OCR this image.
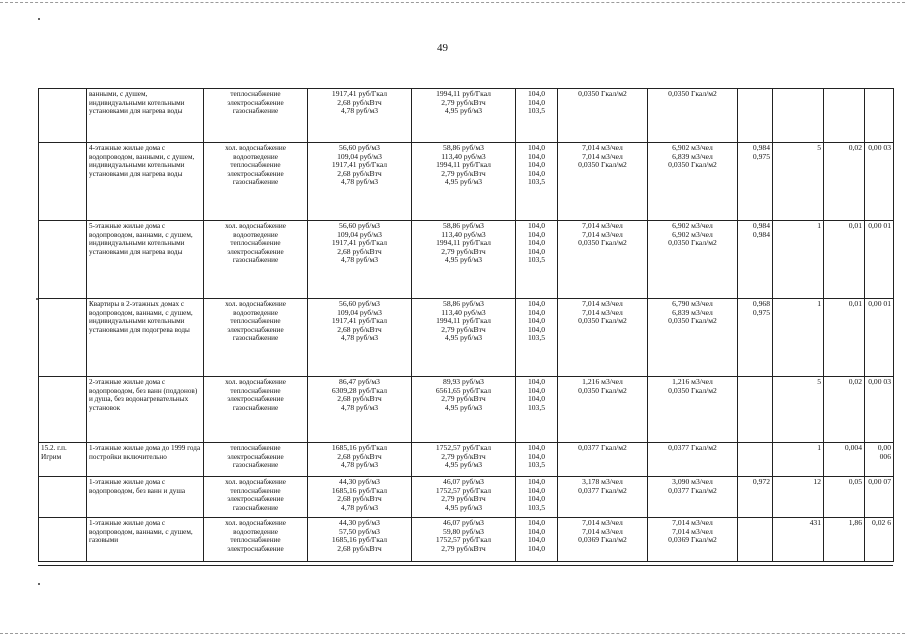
49
	ванными, с душем, индивидуальными котельными установками для нагрева воды	теплоснабжение
электроснабжение
газоснабжение	1917,41 руб/Гкал
2,68 руб/кВтч
4,78 руб/м3	1994,11 руб/Гкал
2,79 руб/кВтч
4,95 руб/м3	104,0
104,0
103,5	0,0350 Гкал/м2	0,0350 Гкал/м2				

	4-этажные жилые дома с водопроводом, ванными, с душем, индивидуальными котельными установками для нагрева воды	хол. водоснабжение
водоотведение
теплоснабжение
электроснабжение
газоснабжение	56,60 руб/м3
109,04 руб/м3
1917,41 руб/Гкал
2,68 руб/кВтч
4,78 руб/м3	58,86 руб/м3
113,40 руб/м3
1994,11 руб/Гкал
2,79 руб/кВтч
4,95 руб/м3	104,0
104,0
104,0
104,0
103,5	7,014 м3/чел
7,014 м3/чел
0,0350 Гкал/м2	6,902 м3/чел
6,839 м3/чел
0,0350 Гкал/м2	0,984
0,975	5	0,02	0,00 03
	5-этажные жилые дома с водопроводом, ваннами, с душем, индивидуальными котельными установками для нагрева воды	хол. водоснабжение
водоотведение
теплоснабжение
электроснабжение
газоснабжение	56,60 руб/м3
109,04 руб/м3
1917,41 руб/Гкал
2,68 руб/кВтч
4,78 руб/м3	58,86 руб/м3
113,40 руб/м3
1994,11 руб/Гкал
2,79 руб/кВтч
4,95 руб/м3	104,0
104,0
104,0
104,0
103,5	7,014 м3/чел
7,014 м3/чел
0,0350 Гкал/м2	6,902 м3/чел
6,902 м3/чел
0,0350 Гкал/м2	0,984
0,984	1	0,01	0,00 01
	Квартиры в 2-этажных домах с водопроводом, ваннами, с душем, индивидуальными котельными установками для подогрева воды	хол. водоснабжение
водоотведение
теплоснабжение
электроснабжение
газоснабжение	56,60 руб/м3
109,04 руб/м3
1917,41 руб/Гкал
2,68 руб/кВтч
4,78 руб/м3	58,86 руб/м3
113,40 руб/м3
1994,11 руб/Гкал
2,79 руб/кВтч
4,95 руб/м3	104,0
104,0
104,0
104,0
103,5	7,014 м3/чел
7,014 м3/чел
0,0350 Гкал/м2	6,790 м3/чел
6,839 м3/чел
0,0350 Гкал/м2	0,968
0,975	1	0,01	0,00 01
	2-этажные жилые дома с водопроводом, без ванн (поддонов) и душа, без водонагревательных установок	хол. водоснабжение
теплоснабжение
электроснабжение
газоснабжение	86,47 руб/м3
6309,28 руб/Гкал
2,68 руб/кВтч
4,78 руб/м3	89,93 руб/м3
6561,65 руб/Гкал
2,79 руб/кВтч
4,95 руб/м3	104,0
104,0
104,0
103,5	1,216 м3/чел
0,0350 Гкал/м2	1,216 м3/чел
0,0350 Гкал/м2		5	0,02	0,00 03
15.2. г.п. Игрим	1-этажные жилые дома до 1999 года постройки включительно	теплоснабжение
электроснабжение
газоснабжение	1685,16 руб/Гкал
2,68 руб/кВтч
4,78 руб/м3	1752,57 руб/Гкал
2,79 руб/кВтч
4,95 руб/м3	104,0
104,0
103,5	0,0377 Гкал/м2	0,0377 Гкал/м2		1	0,004	0,00 006
	1-этажные жилые дома с водопроводом, без ванн и душа	хол. водоснабжение
теплоснабжение
электроснабжение
газоснабжение	44,30 руб/м3
1685,16 руб/Гкал
2,68 руб/кВтч
4,78 руб/м3	46,07 руб/м3
1752,57 руб/Гкал
2,79 руб/кВтч
4,95 руб/м3	104,0
104,0
104,0
103,5	3,178 м3/чел
0,0377 Гкал/м2	3,090 м3/чел
0,0377 Гкал/м2	0,972	12	0,05	0,00 07
	1-этажные жилые дома с водопроводом, ваннами, с душем, газовыми	хол. водоснабжение
водоотведение
теплоснабжение
электроснабжение	44,30 руб/м3
57,50 руб/м3
1685,16 руб/Гкал
2,68 руб/кВтч	46,07 руб/м3
59,80 руб/м3
1752,57 руб/Гкал
2,79 руб/кВтч	104,0
104,0
104,0
104,0	7,014 м3/чел
7,014 м3/чел
0,0369 Гкал/м2	7,014 м3/чел
7,014 м3/чел
0,0369 Гкал/м2		431	1,86	0,02 6
